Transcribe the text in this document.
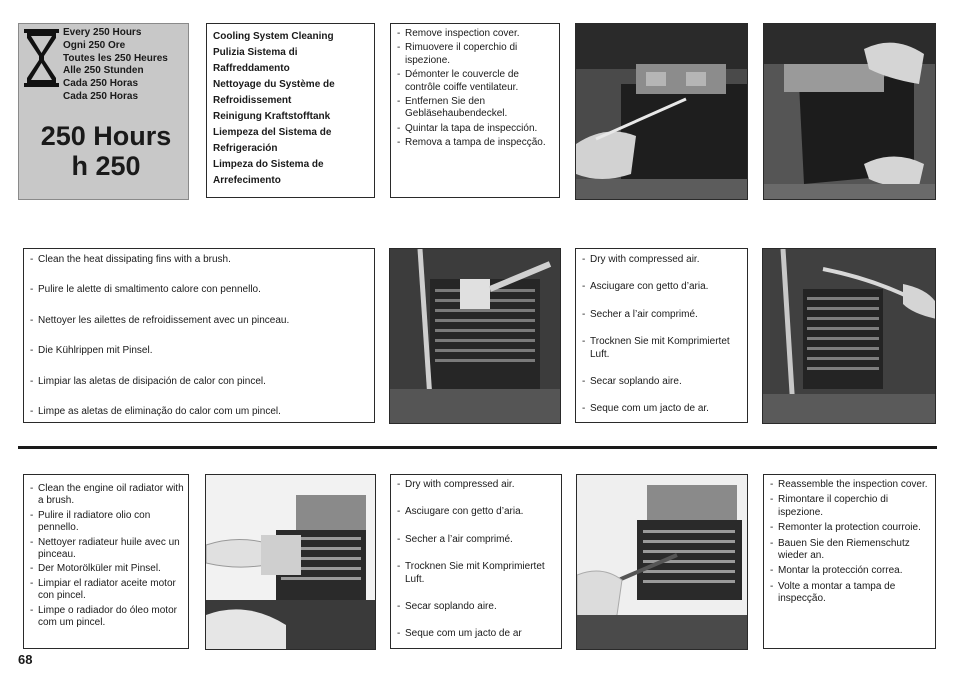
Every 250 Hours
Ogni 250 Ore
Toutes les 250 Heures
Alle 250 Stunden
Cada 250 Horas
Cada 250 Horas
250 Hours
h 250
Cooling System Cleaning
Pulizia Sistema di
Raffreddamento
Nettoyage du Système de
Refroidissement
Reinigung Kraftstofftank
Liempeza del Sistema de
Refrigeración
Limpeza do Sistema de
Arrefecimento
- Remove inspection cover.
- Rimuovere il coperchio di ispezione.
- Démonter le couvercle de contrôle coiffe ventilateur.
- Entfernen Sie den Gebläsehaubendeckel.
- Quintar la tapa de inspección.
- Remova a tampa de inspecção.
- Clean the heat dissipating fins with a brush.
- Pulire le alette di smaltimento calore con pennello.
- Nettoyer les ailettes de refroidissement avec un pinceau.
- Die Kühlrippen mit Pinsel.
- Limpiar las aletas de disipación de calor con pincel.
- Limpe as aletas de eliminação do calor com um pincel.
- Dry with compressed air.
- Asciugare con getto d’aria.
- Secher a l’air comprimé.
- Trocknen Sie mit Komprimiertet Luft.
- Secar soplando aire.
- Seque com um jacto de ar.
- Clean the engine oil radiator with a brush.
- Pulire il radiatore olio con pennello.
- Nettoyer radiateur huile avec un pinceau.
- Der Motorölküler mit Pinsel.
- Limpiar el radiator aceite motor con pincel.
- Limpe o radiador do óleo motor com um pincel.
- Dry with compressed air.
- Asciugare con getto d’aria.
- Secher a l’air comprimé.
- Trocknen Sie mit Komprimiertet Luft.
- Secar soplando aire.
- Seque com um jacto de ar
- Reassemble the inspection cover.
- Rimontare il coperchio di ispezione.
- Remonter la protection courroie.
- Bauen Sie den Riemenschutz wieder an.
- Montar la protección correa.
- Volte a montar a tampa de inspecção.
68
